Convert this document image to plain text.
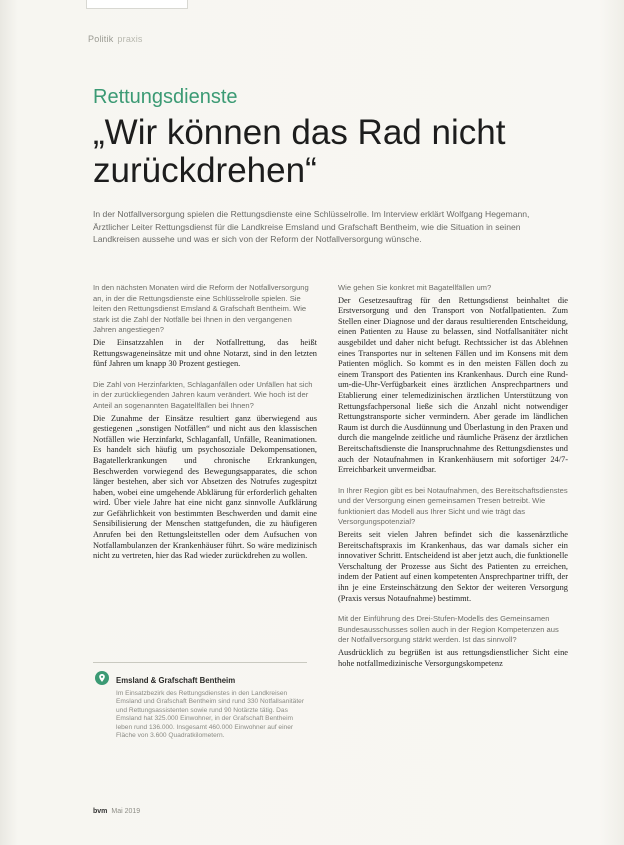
Politik praxis
Rettungsdienste
„Wir können das Rad nicht zurückdrehen“

In der Notfallversorgung spielen die Rettungsdienste eine Schlüsselrolle. Im Interview erklärt Wolfgang Hegemann, Ärztlicher Leiter Rettungsdienst für die Landkreise Emsland und Grafschaft Bentheim, wie die Situation in seinen Landkreisen aussehe und was er sich von der Reform der Notfallversorgung wünsche.

In den nächsten Monaten wird die Reform der Notfallversorgung an, in der die Rettungsdienste eine Schlüsselrolle spielen. Sie leiten den Rettungsdienst Emsland & Grafschaft Bentheim. Wie stark ist die Zahl der Notfälle bei Ihnen in den vergangenen Jahren angestiegen?

Die Einsatzzahlen in der Notfallrettung, das heißt Rettungswageneinsätze mit und ohne Notarzt, sind in den letzten fünf Jahren um knapp 30 Prozent gestiegen.

Die Zahl von Herzinfarkten, Schlaganfällen oder Unfällen hat sich in der zurückliegenden Jahren kaum verändert. Wie hoch ist der Anteil an sogenannten Bagatellfällen bei Ihnen?

Die Zunahme der Einsätze resultiert ganz überwiegend aus gestiegenen „sonstigen Notfällen“ und nicht aus den klassischen Notfällen wie Herzinfarkt, Schlaganfall, Unfälle, Reanimationen. Es handelt sich häufig um psychosoziale Dekompensationen, Bagatellerkrankungen und chronische Erkrankungen, Beschwerden vorwiegend des Bewegungsapparates, die schon länger bestehen, aber sich vor Absetzen des Notrufes zugespitzt haben, wobei eine umgehende Abklärung für erforderlich gehalten wird. Über viele Jahre hat eine nicht ganz sinnvolle Aufklärung zur Gefährlichkeit von bestimmten Beschwerden und damit eine Sensibilisierung der Menschen stattgefunden, die zu häufigeren Anrufen bei den Rettungsleitstellen oder dem Aufsuchen von Notfallambulanzen der Krankenhäuser führt. So wäre medizinisch nicht zu vertreten, hier das Rad wieder zurückdrehen zu wollen.

Wie gehen Sie konkret mit Bagatellfällen um?

Der Gesetzesauftrag für den Rettungsdienst beinhaltet die Erstversorgung und den Transport von Notfallpatienten. Zum Stellen einer Diagnose und der daraus resultierenden Entscheidung, einen Patienten zu Hause zu belassen, sind Notfallsanitäter nicht ausgebildet und daher nicht befugt. Rechtssicher ist das Ablehnen eines Transportes nur in seltenen Fällen und im Konsens mit dem Patienten möglich. So kommt es in den meisten Fällen doch zu einem Transport des Patienten ins Krankenhaus. Durch eine Rund-um-die-Uhr-Verfügbarkeit eines ärztlichen Ansprechpartners und Etablierung einer telemedizinischen ärztlichen Unterstützung von Rettungsfachpersonal ließe sich die Anzahl nicht notwendiger Rettungstransporte sicher vermindern. Aber gerade im ländlichen Raum ist durch die Ausdünnung und Überlastung in den Praxen und durch die mangelnde zeitliche und räumliche Präsenz der ärztlichen Bereitschaftsdienste die Inanspruchnahme des Rettungsdienstes und auch der Notaufnahmen in Krankenhäusern mit sofortiger 24/7-Erreichbarkeit unvermeidbar.

In Ihrer Region gibt es bei Notaufnahmen, des Bereitschaftsdienstes und der Versorgung einen gemeinsamen Tresen betreibt. Wie funktioniert das Modell aus Ihrer Sicht und wie trägt das Versorgungspotenzial?

Bereits seit vielen Jahren befindet sich die kassenärztliche Bereitschaftspraxis im Krankenhaus, das war damals sicher ein innovativer Schritt. Entscheidend ist aber jetzt auch, die funktionelle Verschaltung der Prozesse aus Sicht des Patienten zu erreichen, indem der Patient auf einen kompetenten Ansprechpartner trifft, der ihn je eine Ersteinschätzung den Sektor der weiteren Versorgung (Praxis versus Notaufnahme) bestimmt.

Mit der Einführung des Drei-Stufen-Modells des Gemeinsamen Bundesausschusses sollen auch in der Region Kompetenzen aus der Notfallversorgung stärkt werden. Ist das sinnvoll?

Ausdrücklich zu begrüßen ist aus rettungsdienstlicher Sicht eine hohe notfallmedizinische Versorgungskompetenz

Emsland & Grafschaft Bentheim

Im Einsatzbezirk des Rettungsdienstes in den Landkreisen Emsland und Grafschaft Bentheim sind rund 330 Notfallsanitäter und Rettungsassistenten sowie rund 90 Notärzte tätig. Das Emsland hat 325.000 Einwohner, in der Grafschaft Bentheim leben rund 136.000. Insgesamt 460.000 Einwohner auf einer Fläche von 3.600 Quadratkilometern.

bvm Mai 2019
